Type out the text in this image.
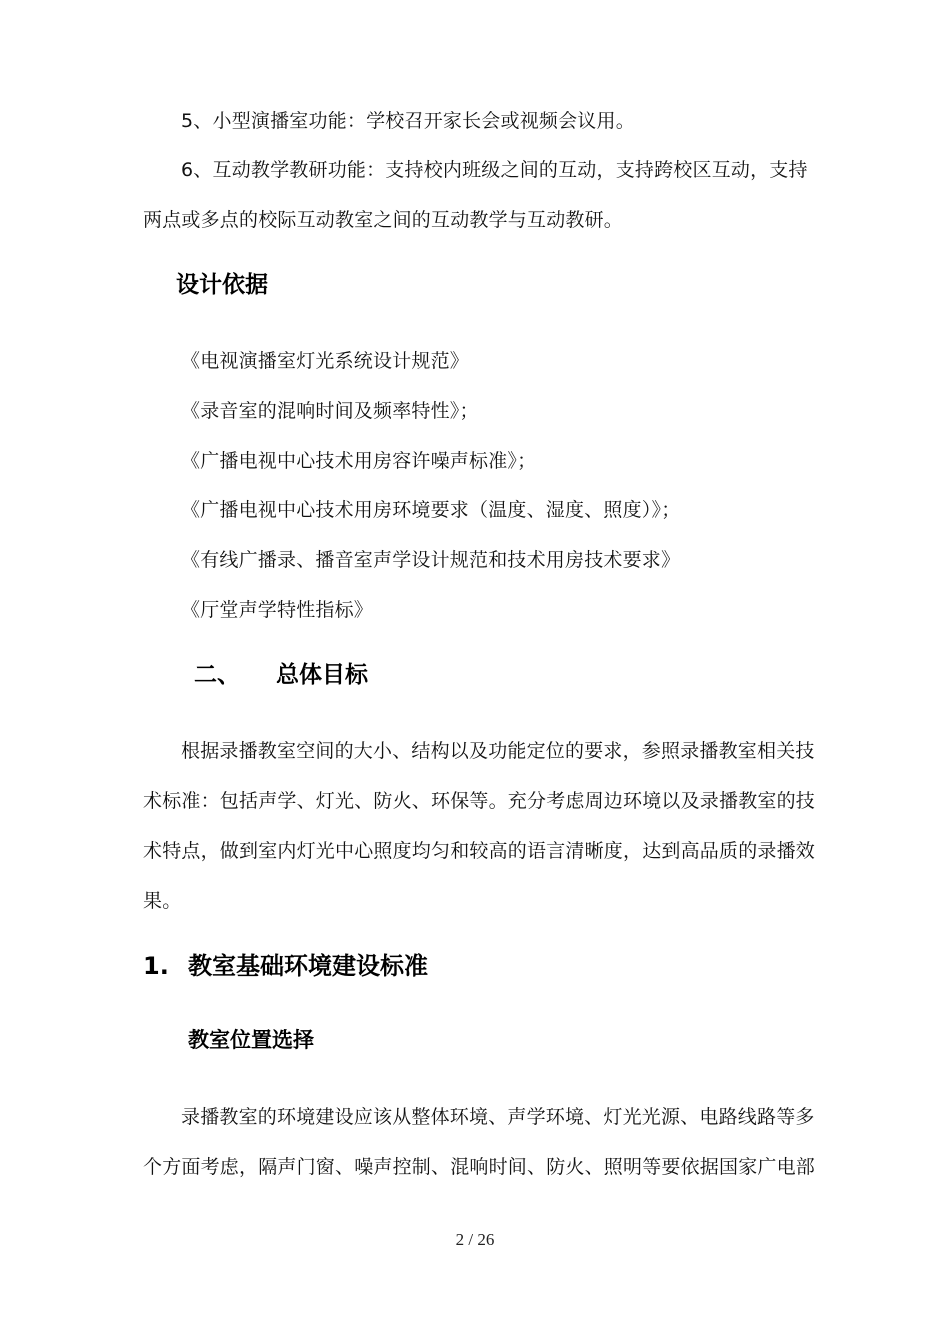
5、小型演播室功能：学校召开家长会或视频会议用。
6、互动教学教研功能：支持校内班级之间的互动，支持跨校区互动，支持
两点或多点的校际互动教室之间的互动教学与互动教研。
设计依据
《电视演播室灯光系统设计规范》
《录音室的混响时间及频率特性》；
《广播电视中心技术用房容许噪声标准》；
《广播电视中心技术用房环境要求（温度、湿度、照度）》；
《有线广播录、播音室声学设计规范和技术用房技术要求》
《厅堂声学特性指标》
二、 总体目标
根据录播教室空间的大小、结构以及功能定位的要求，参照录播教室相关技
术标准：包括声学、灯光、防火、环保等。充分考虑周边环境以及录播教室的技
术特点，做到室内灯光中心照度均匀和较高的语言清晰度，达到高品质的录播效
果。
1. 教室基础环境建设标准
教室位置选择
录播教室的环境建设应该从整体环境、声学环境、灯光光源、电路线路等多
个方面考虑，隔声门窗、噪声控制、混响时间、防火、照明等要依据国家广电部
2 / 26
